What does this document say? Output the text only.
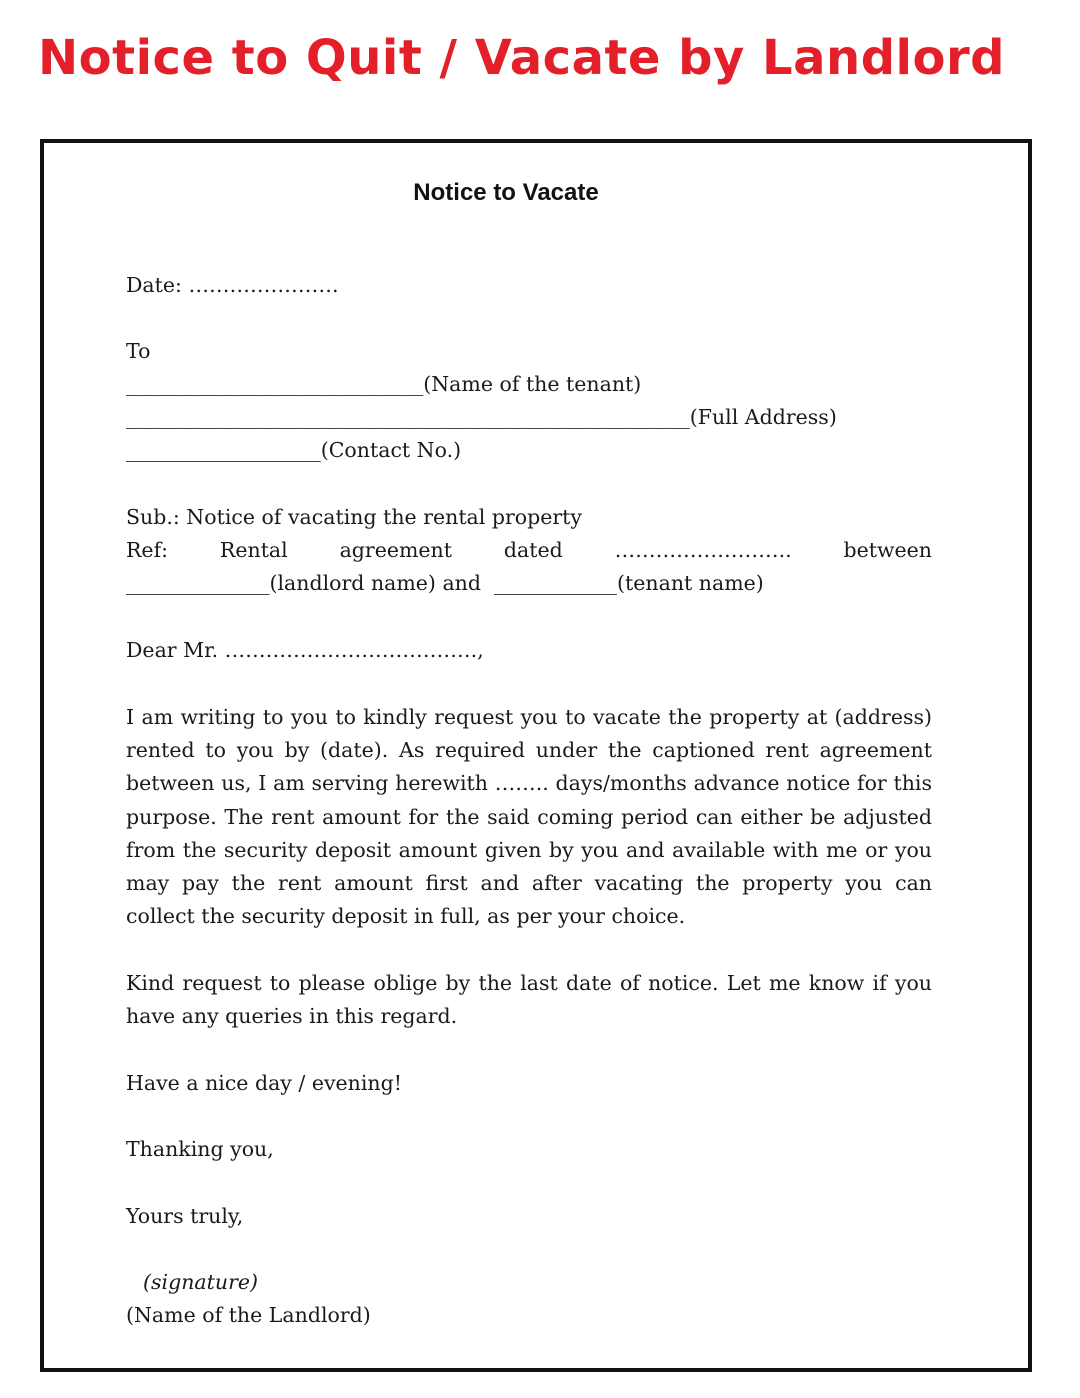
Notice to Quit / Vacate by Landlord
Notice to Vacate
Date: ………………….
To
_____________________________(Name of the tenant)
_______________________________________________________(Full Address)
___________________(Contact No.)
Sub.: Notice of vacating the rental property
Ref:	Rental	agreement	dated	……………………..	between
______________(landlord name) and  ____________(tenant name)
Dear Mr. ……………………………….,
I am writing to you to kindly request you to vacate the property at (address) rented to you by (date). As required under the captioned rent agreement between us, I am serving herewith …….. days/months advance notice for this purpose. The rent amount for the said coming period can either be adjusted from the security deposit amount given by you and available with me or you may pay the rent amount first and after vacating the property you can collect the security deposit in full, as per your choice.
Kind request to please oblige by the last date of notice. Let me know if you have any queries in this regard.
Have a nice day / evening!
Thanking you,
Yours truly,
(signature)
(Name of the Landlord)
